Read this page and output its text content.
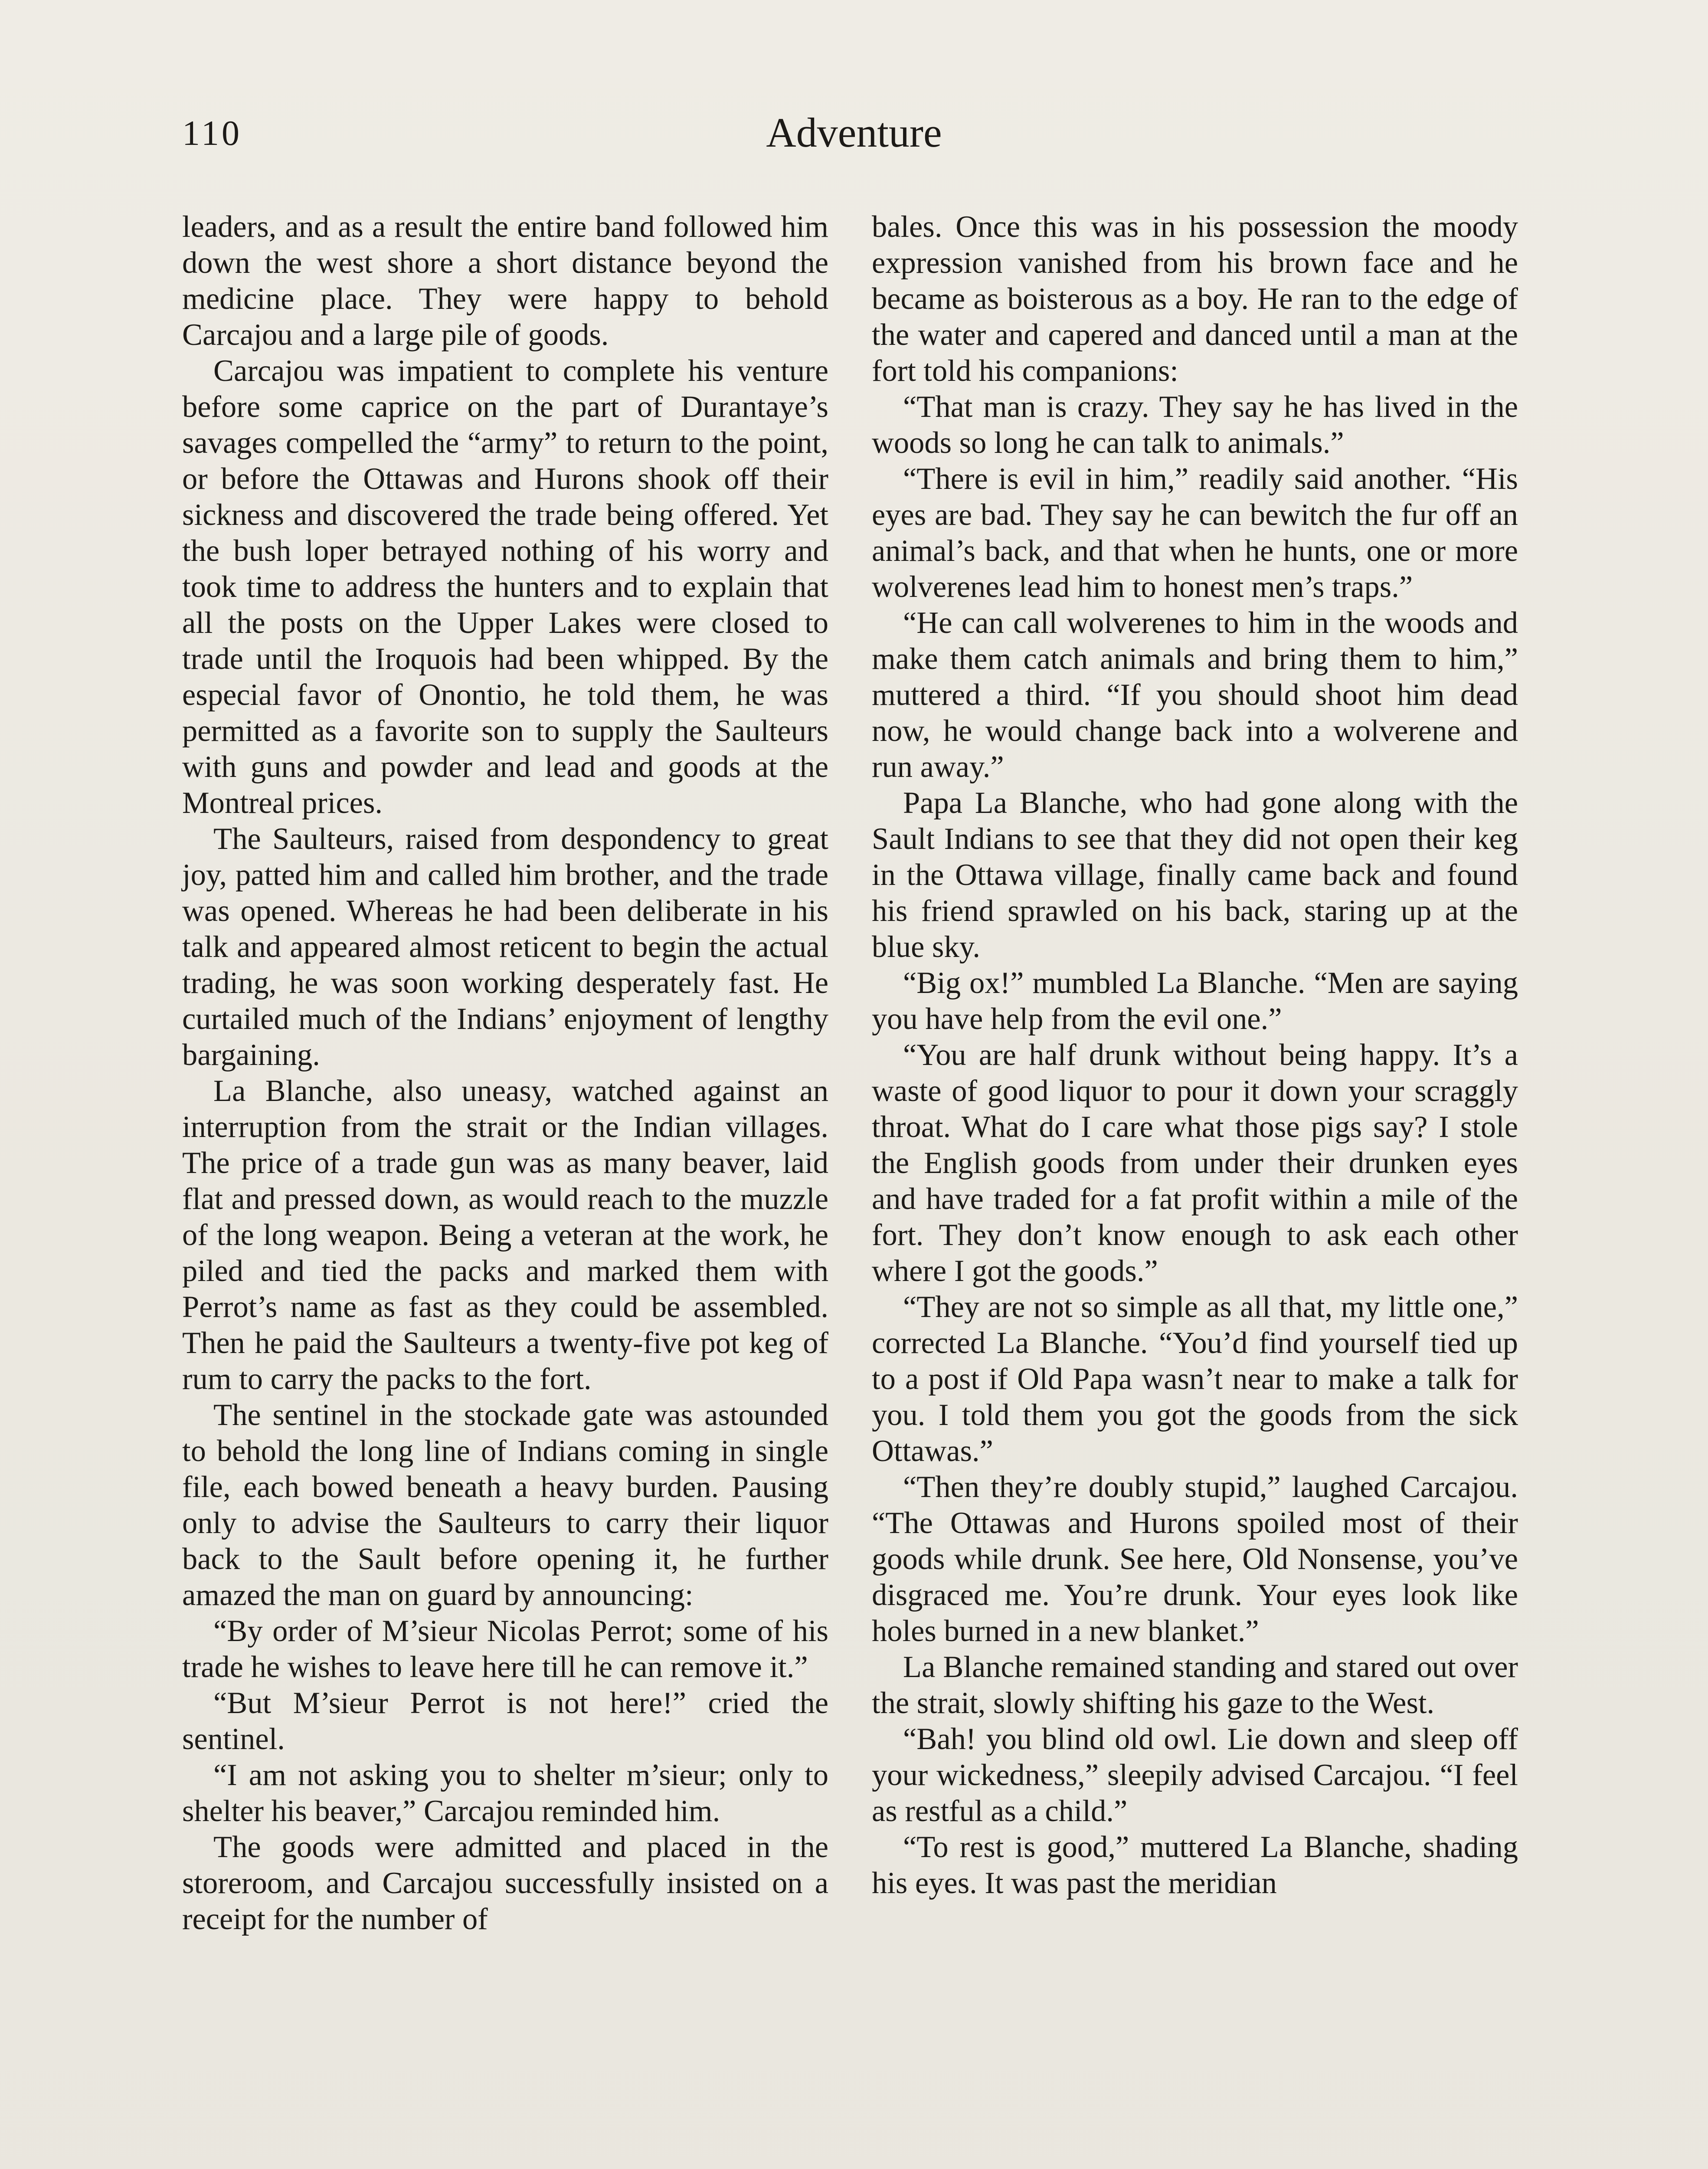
110	Adventure

leaders, and as a result the entire band followed him down the west shore a short distance beyond the medicine place. They were happy to behold Carcajou and a large pile of goods.

Carcajou was impatient to complete his venture before some caprice on the part of Durantaye’s savages compelled the “army” to return to the point, or before the Ottawas and Hurons shook off their sickness and discovered the trade being offered. Yet the bush loper betrayed nothing of his worry and took time to address the hunters and to explain that all the posts on the Upper Lakes were closed to trade until the Iroquois had been whipped. By the especial favor of Onontio, he told them, he was permitted as a favorite son to supply the Saulteurs with guns and powder and lead and goods at the Montreal prices.

The Saulteurs, raised from despondency to great joy, patted him and called him brother, and the trade was opened. Whereas he had been deliberate in his talk and appeared almost reticent to begin the actual trading, he was soon working desperately fast. He curtailed much of the Indians’ enjoyment of lengthy bargaining.

La Blanche, also uneasy, watched against an interruption from the strait or the Indian villages. The price of a trade gun was as many beaver, laid flat and pressed down, as would reach to the muzzle of the long weapon. Being a veteran at the work, he piled and tied the packs and marked them with Perrot’s name as fast as they could be assembled. Then he paid the Saulteurs a twenty-five pot keg of rum to carry the packs to the fort.

The sentinel in the stockade gate was astounded to behold the long line of Indians coming in single file, each bowed beneath a heavy burden. Pausing only to advise the Saulteurs to carry their liquor back to the Sault before opening it, he further amazed the man on guard by announcing:

“By order of M’sieur Nicolas Perrot; some of his trade he wishes to leave here till he can remove it.”

“But M’sieur Perrot is not here!” cried the sentinel.

“I am not asking you to shelter m’sieur; only to shelter his beaver,” Carcajou reminded him.

The goods were admitted and placed in the storeroom, and Carcajou successfully insisted on a receipt for the number of

bales. Once this was in his possession the moody expression vanished from his brown face and he became as boisterous as a boy. He ran to the edge of the water and capered and danced until a man at the fort told his companions:

“That man is crazy. They say he has lived in the woods so long he can talk to animals.”

“There is evil in him,” readily said another. “His eyes are bad. They say he can bewitch the fur off an animal’s back, and that when he hunts, one or more wolverenes lead him to honest men’s traps.”

“He can call wolverenes to him in the woods and make them catch animals and bring them to him,” muttered a third. “If you should shoot him dead now, he would change back into a wolverene and run away.”

Papa La Blanche, who had gone along with the Sault Indians to see that they did not open their keg in the Ottawa village, finally came back and found his friend sprawled on his back, staring up at the blue sky.

“Big ox!” mumbled La Blanche. “Men are saying you have help from the evil one.”

“You are half drunk without being happy. It’s a waste of good liquor to pour it down your scraggly throat. What do I care what those pigs say? I stole the English goods from under their drunken eyes and have traded for a fat profit within a mile of the fort. They don’t know enough to ask each other where I got the goods.”

“They are not so simple as all that, my little one,” corrected La Blanche. “You’d find yourself tied up to a post if Old Papa wasn’t near to make a talk for you. I told them you got the goods from the sick Ottawas.”

“Then they’re doubly stupid,” laughed Carcajou. “The Ottawas and Hurons spoiled most of their goods while drunk. See here, Old Nonsense, you’ve disgraced me. You’re drunk. Your eyes look like holes burned in a new blanket.”

La Blanche remained standing and stared out over the strait, slowly shifting his gaze to the West.

“Bah! you blind old owl. Lie down and sleep off your wickedness,” sleepily advised Carcajou. “I feel as restful as a child.”

“To rest is good,” muttered La Blanche, shading his eyes. It was past the meridian
